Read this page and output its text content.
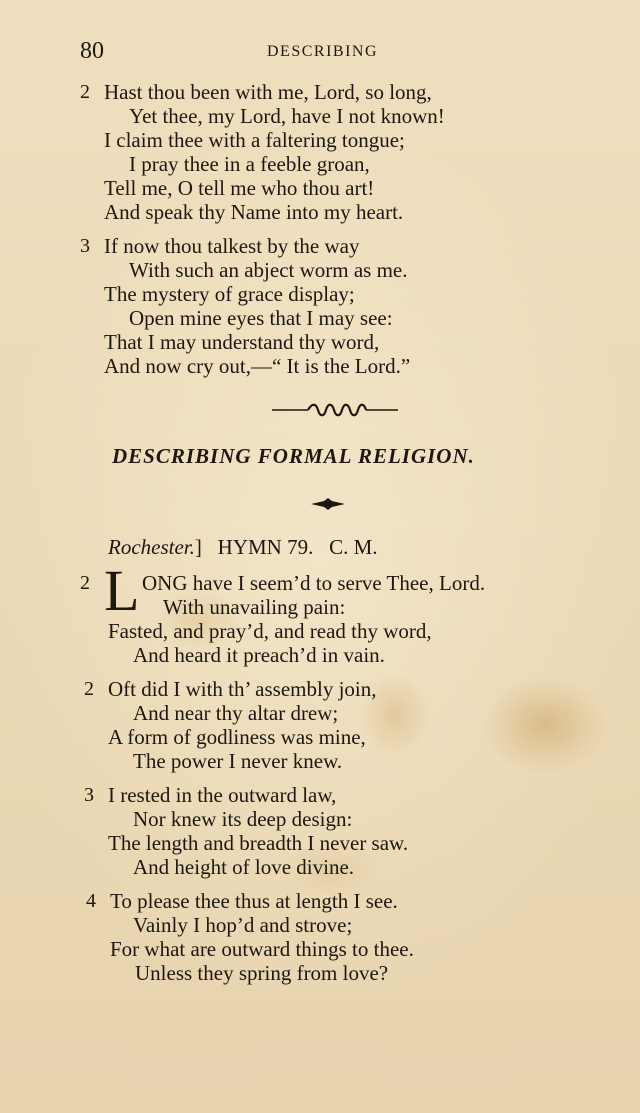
80	DESCRIBING
2 Hast thou been with me, Lord, so long,
Yet thee, my Lord, have I not known!
I claim thee with a faltering tongue;
I pray thee in a feeble groan,
Tell me, O tell me who thou art!
And speak thy Name into my heart.
3 If now thou talkest by the way
With such an abject worm as me.
The mystery of grace display;
Open mine eyes that I may see:
That I may understand thy word,
And now cry out,—“ It is the Lord.”
DESCRIBING FORMAL RELIGION.
Rochester.] HYMN 79. C. M.
2 L ONG have I seem’d to serve Thee, Lord.
With unavailing pain:
Fasted, and pray’d, and read thy word,
And heard it preach’d in vain.
2 Oft did I with th’ assembly join,
And near thy altar drew;
A form of godliness was mine,
The power I never knew.
3 I rested in the outward law,
Nor knew its deep design:
The length and breadth I never saw.
And height of love divine.
4 To please thee thus at length I see.
Vainly I hop’d and strove;
For what are outward things to thee.
Unless they spring from love?
